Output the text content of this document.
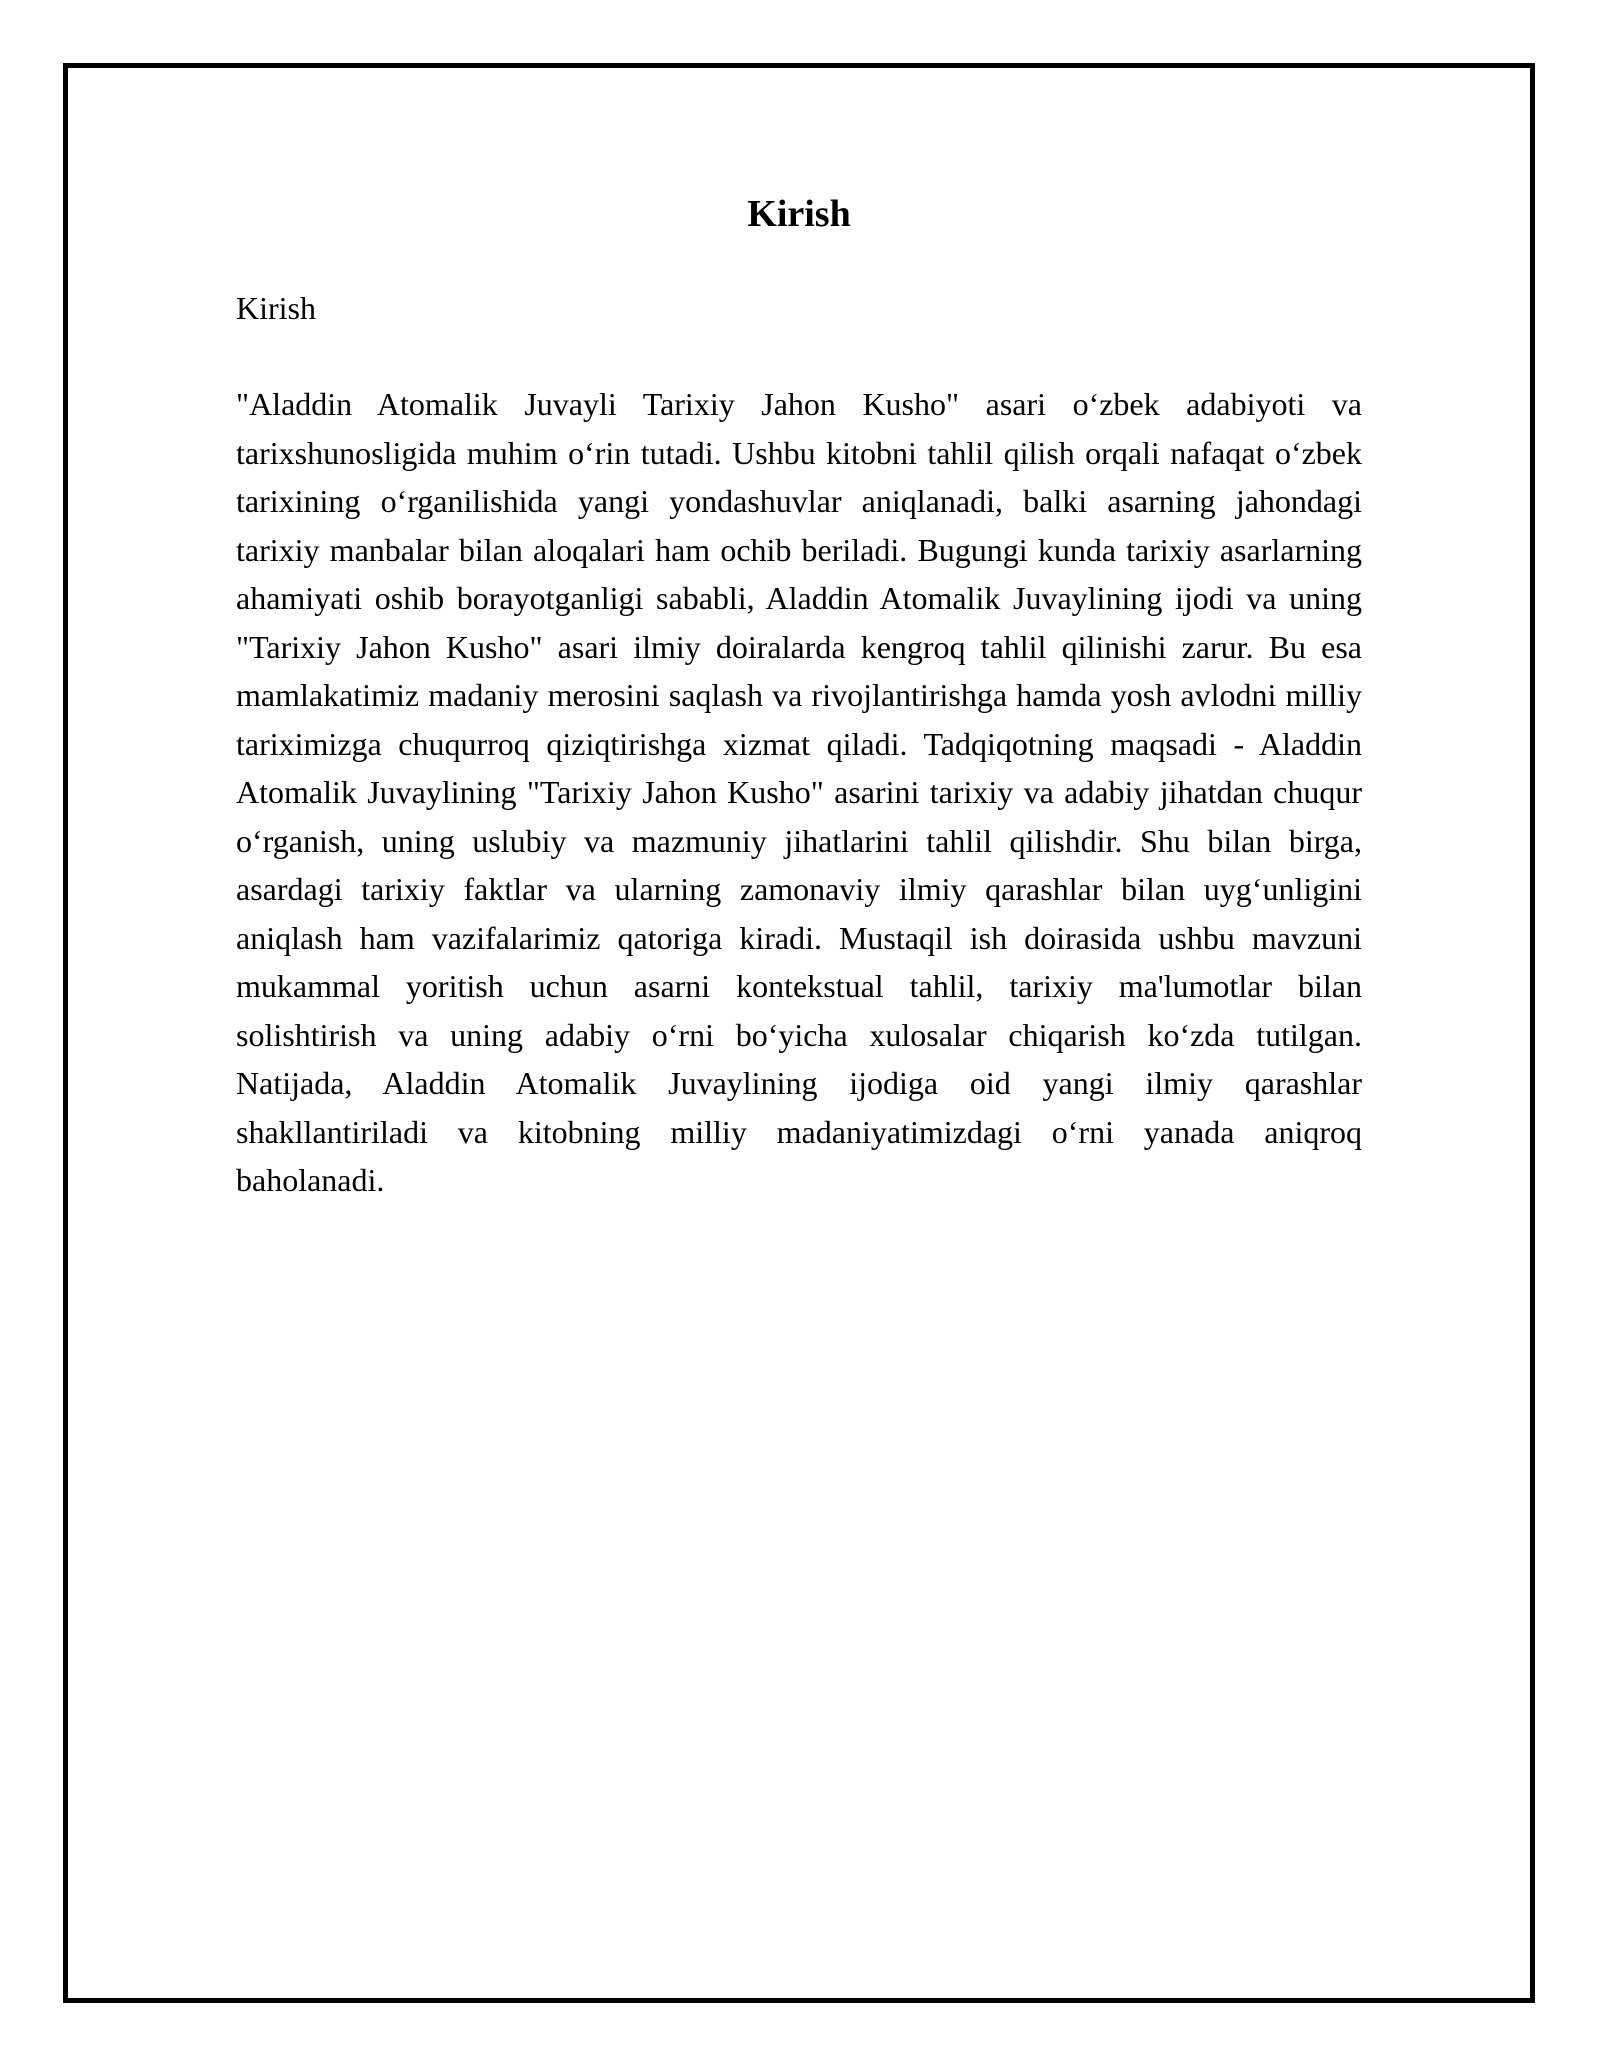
Kirish

Kirish

"Aladdin Atomalik Juvayli Tarixiy Jahon Kusho" asari o‘zbek adabiyoti va tarixshunosligida muhim o‘rin tutadi. Ushbu kitobni tahlil qilish orqali nafaqat o‘zbek tarixining o‘rganilishida yangi yondashuvlar aniqlanadi, balki asarning jahondagi tarixiy manbalar bilan aloqalari ham ochib beriladi. Bugungi kunda tarixiy asarlarning ahamiyati oshib borayotganligi sababli, Aladdin Atomalik Juvaylining ijodi va uning "Tarixiy Jahon Kusho" asari ilmiy doiralarda kengroq tahlil qilinishi zarur. Bu esa mamlakatimiz madaniy merosini saqlash va rivojlantirishga hamda yosh avlodni milliy tariximizga chuqurroq qiziqtirishga xizmat qiladi. Tadqiqotning maqsadi - Aladdin Atomalik Juvaylining "Tarixiy Jahon Kusho" asarini tarixiy va adabiy jihatdan chuqur o‘rganish, uning uslubiy va mazmuniy jihatlarini tahlil qilishdir. Shu bilan birga, asardagi tarixiy faktlar va ularning zamonaviy ilmiy qarashlar bilan uyg‘unligini aniqlash ham vazifalarimiz qatoriga kiradi. Mustaqil ish doirasida ushbu mavzuni mukammal yoritish uchun asarni kontekstual tahlil, tarixiy ma'lumotlar bilan solishtirish va uning adabiy o‘rni bo‘yicha xulosalar chiqarish ko‘zda tutilgan. Natijada, Aladdin Atomalik Juvaylining ijodiga oid yangi ilmiy qarashlar shakllantiriladi va kitobning milliy madaniyatimizdagi o‘rni yanada aniqroq baholanadi.
